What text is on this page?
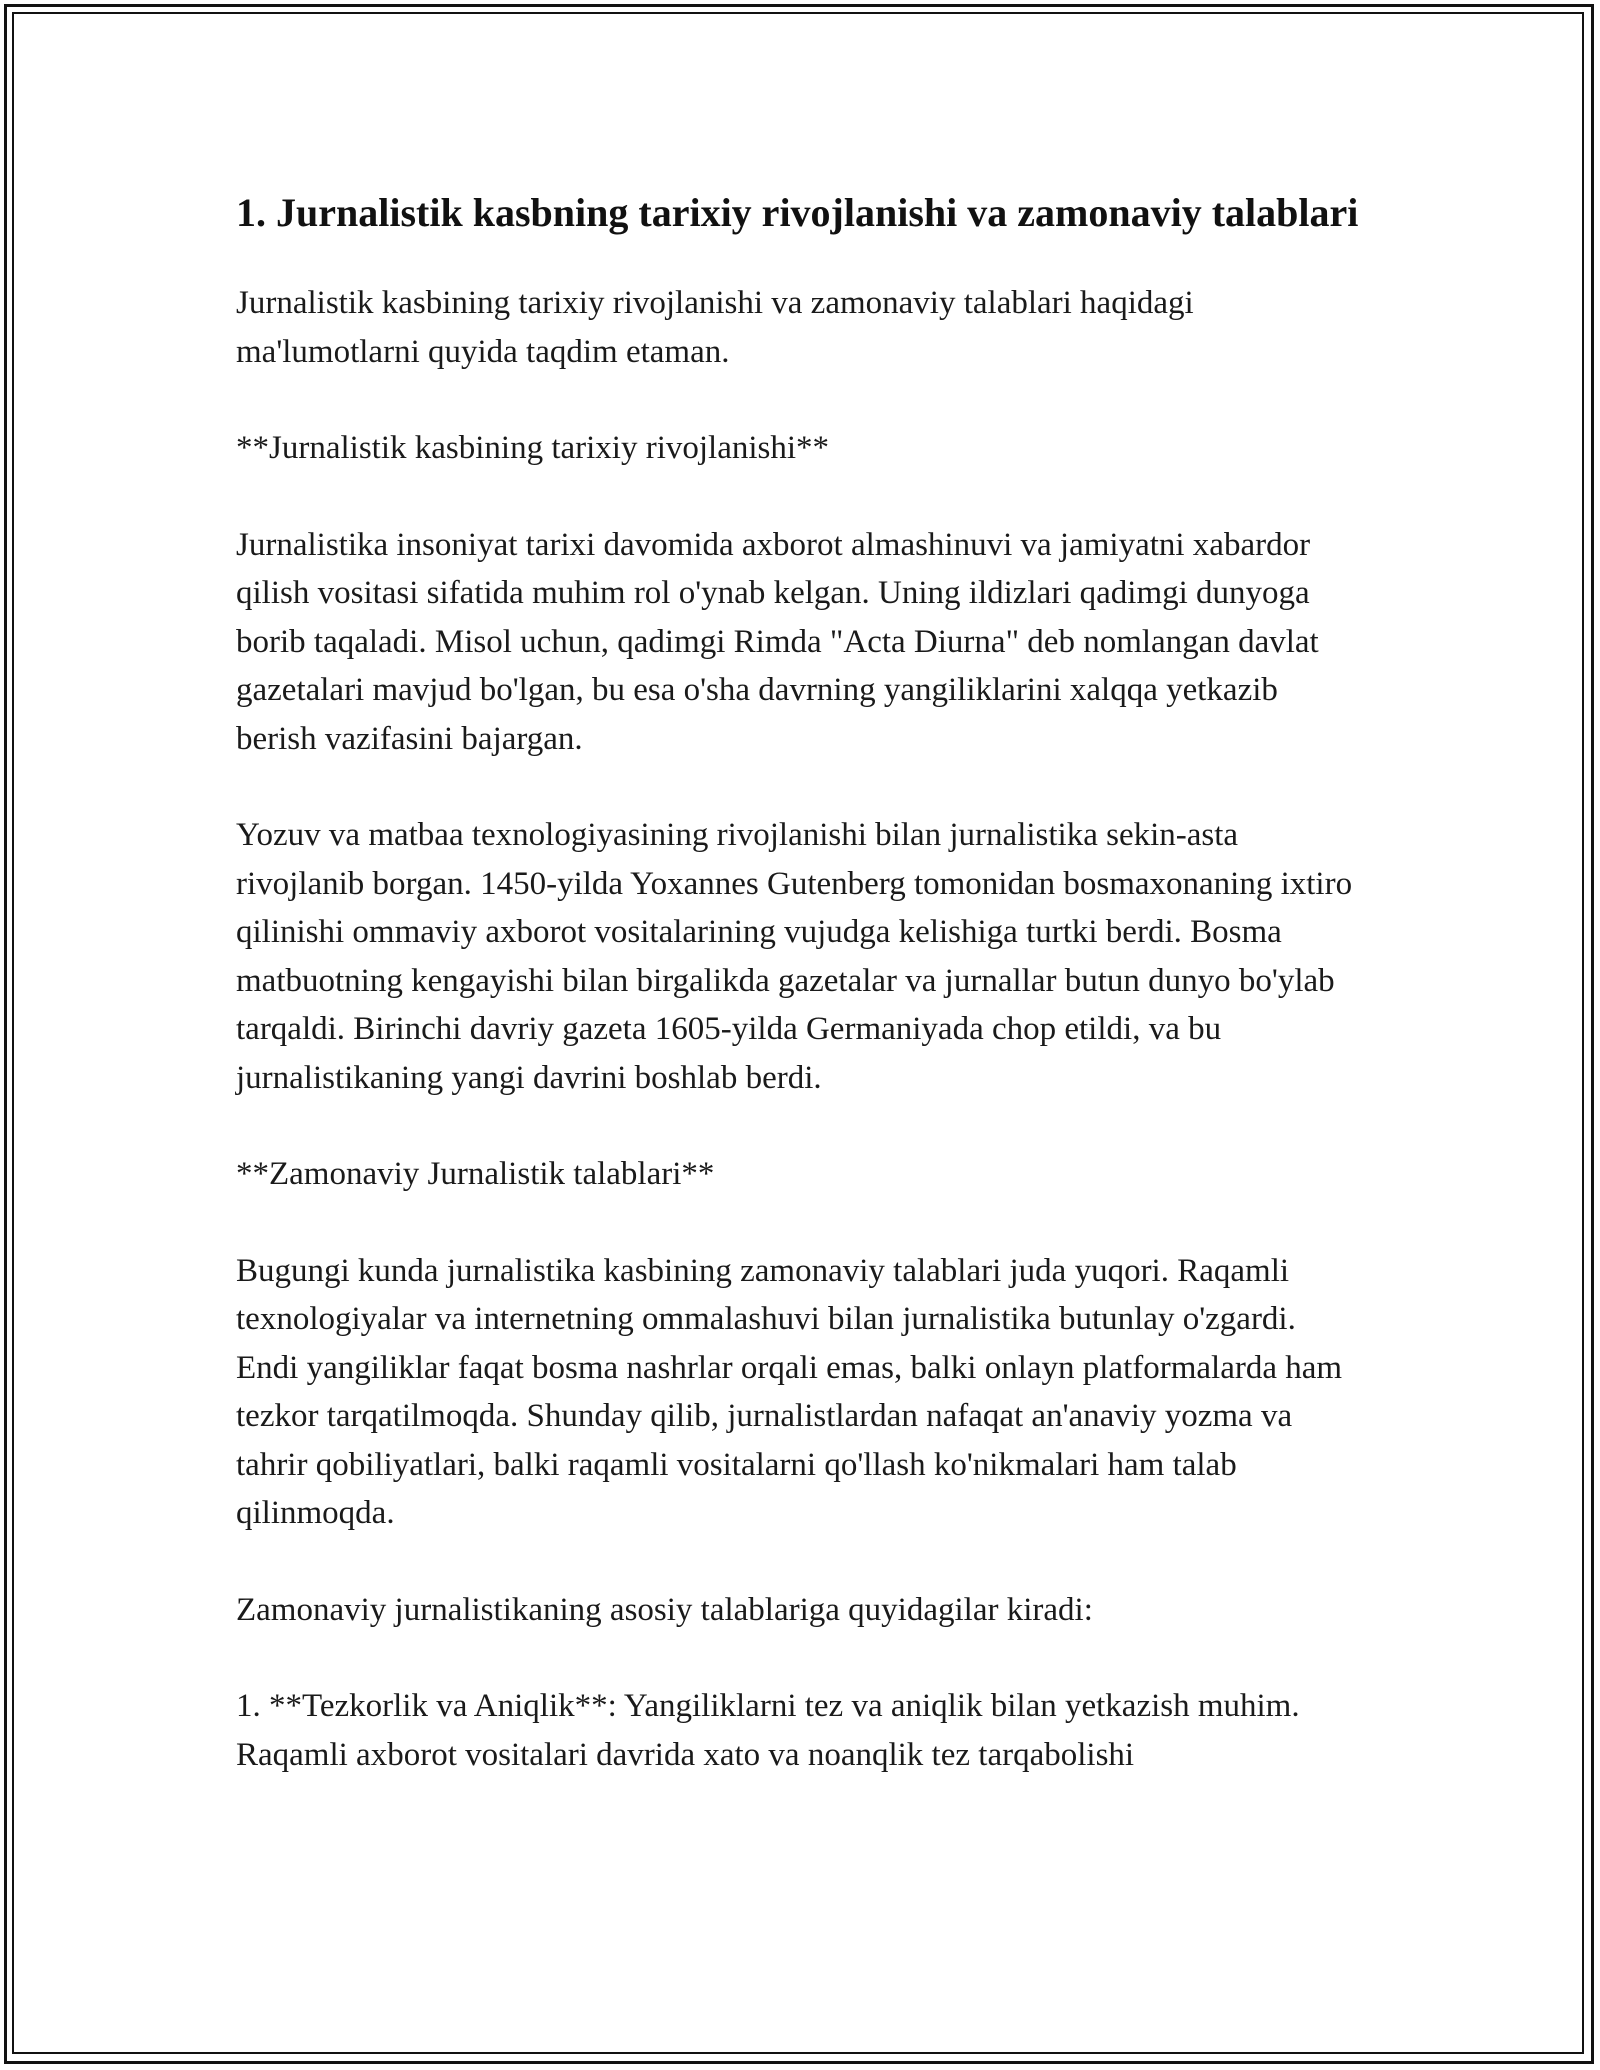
1. Jurnalistik kasbning tarixiy rivojlanishi va zamonaviy talablari

Jurnalistik kasbining tarixiy rivojlanishi va zamonaviy talablari haqidagi ma'lumotlarni quyida taqdim etaman.

**Jurnalistik kasbining tarixiy rivojlanishi**

Jurnalistika insoniyat tarixi davomida axborot almashinuvi va jamiyatni xabardor qilish vositasi sifatida muhim rol o'ynab kelgan. Uning ildizlari qadimgi dunyoga borib taqaladi. Misol uchun, qadimgi Rimda "Acta Diurna" deb nomlangan davlat gazetalari mavjud bo'lgan, bu esa o'sha davrning yangiliklarini xalqqa yetkazib berish vazifasini bajargan.

Yozuv va matbaa texnologiyasining rivojlanishi bilan jurnalistika sekin-asta rivojlanib borgan. 1450-yilda Yoxannes Gutenberg tomonidan bosmaxonaning ixtiro qilinishi ommaviy axborot vositalarining vujudga kelishiga turtki berdi. Bosma matbuotning kengayishi bilan birgalikda gazetalar va jurnallar butun dunyo bo'ylab tarqaldi. Birinchi davriy gazeta 1605-yilda Germaniyada chop etildi, va bu jurnalistikaning yangi davrini boshlab berdi.

**Zamonaviy Jurnalistik talablari**

Bugungi kunda jurnalistika kasbining zamonaviy talablari juda yuqori. Raqamli texnologiyalar va internetning ommalashuvi bilan jurnalistika butunlay o'zgardi. Endi yangiliklar faqat bosma nashrlar orqali emas, balki onlayn platformalarda ham tezkor tarqatilmoqda. Shunday qilib, jurnalistlardan nafaqat an'anaviy yozma va tahrir qobiliyatlari, balki raqamli vositalarni qo'llash ko'nikmalari ham talab qilinmoqda.

Zamonaviy jurnalistikaning asosiy talablariga quyidagilar kiradi:

1. **Tezkorlik va Aniqlik**: Yangiliklarni tez va aniqlik bilan yetkazish muhim. Raqamli axborot vositalari davrida xato va noanqlik tez tarqabolishi
